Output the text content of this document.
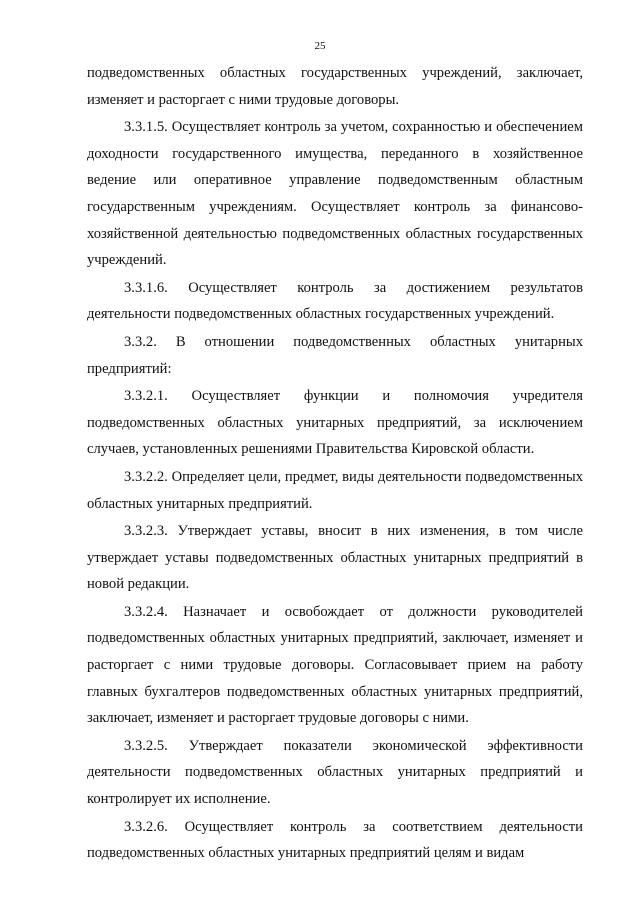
25

подведомственных областных государственных учреждений, заключает, изменяет и расторгает с ними трудовые договоры.

3.3.1.5. Осуществляет контроль за учетом, сохранностью и обеспечением доходности государственного имущества, переданного в хозяйственное ведение или оперативное управление подведомственным областным государственным учреждениям. Осуществляет контроль за финансово-хозяйственной деятельностью подведомственных областных государственных учреждений.

3.3.1.6. Осуществляет контроль за достижением результатов деятельности подведомственных областных государственных учреждений.

3.3.2. В отношении подведомственных областных унитарных предприятий:

3.3.2.1. Осуществляет функции и полномочия учредителя подведомственных областных унитарных предприятий, за исключением случаев, установленных решениями Правительства Кировской области.

3.3.2.2. Определяет цели, предмет, виды деятельности подведомственных областных унитарных предприятий.

3.3.2.3. Утверждает уставы, вносит в них изменения, в том числе утверждает уставы подведомственных областных унитарных предприятий в новой редакции.

3.3.2.4. Назначает и освобождает от должности руководителей подведомственных областных унитарных предприятий, заключает, изменяет и расторгает с ними трудовые договоры. Согласовывает прием на работу главных бухгалтеров подведомственных областных унитарных предприятий, заключает, изменяет и расторгает трудовые договоры с ними.

3.3.2.5. Утверждает показатели экономической эффективности деятельности подведомственных областных унитарных предприятий и контролирует их исполнение.

3.3.2.6. Осуществляет контроль за соответствием деятельности подведомственных областных унитарных предприятий целям и видам
